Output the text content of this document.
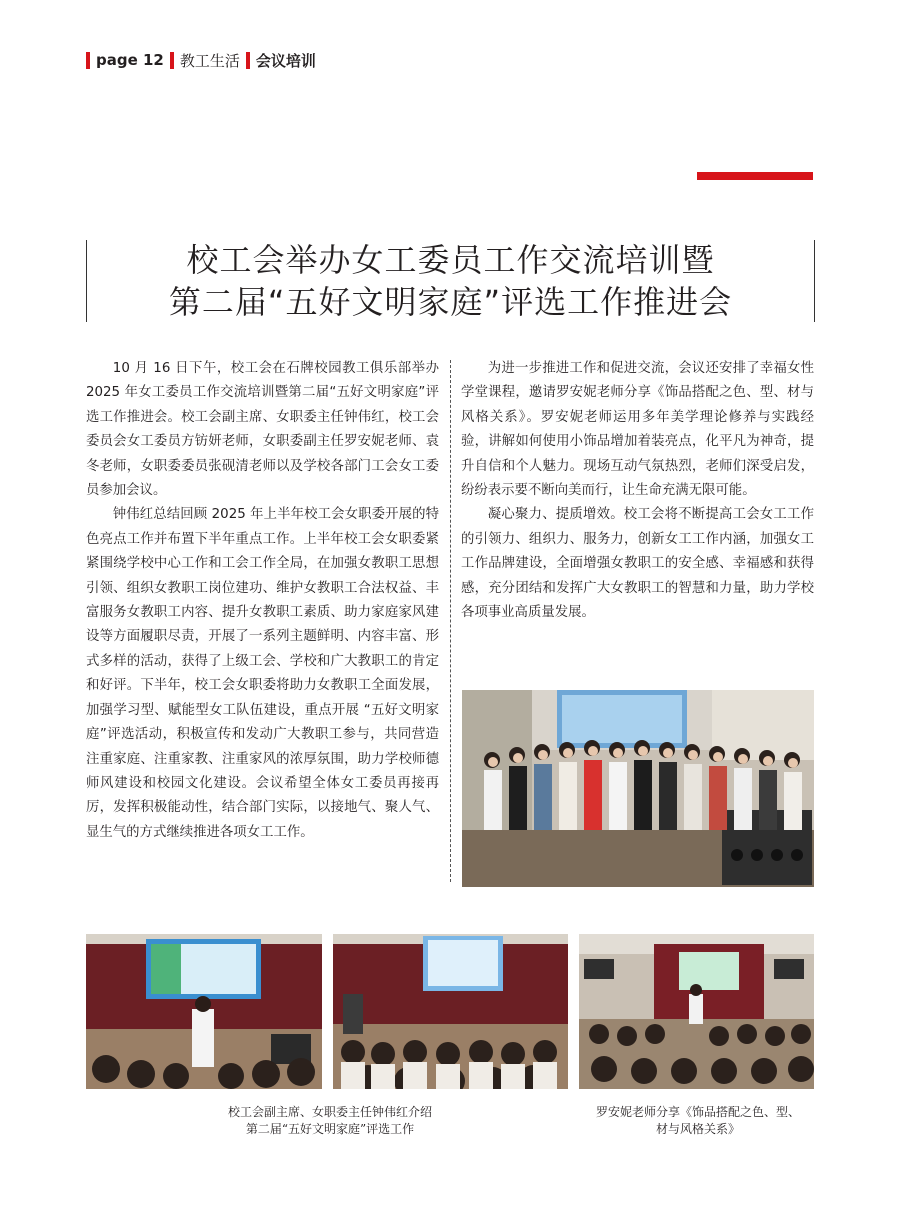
page 12	教工生活	会议培训
校工会举办女工委员工作交流培训暨
第二届“五好文明家庭”评选工作推进会

10 月 16 日下午，校工会在石牌校园教工俱乐部举办 2025 年女工委员工作交流培训暨第二届“五好文明家庭”评选工作推进会。校工会副主席、女职委主任钟伟红，校工会委员会女工委员方钫妍老师，女职委副主任罗安妮老师、袁冬老师，女职委委员张砚清老师以及学校各部门工会女工委员参加会议。

钟伟红总结回顾 2025 年上半年校工会女职委开展的特色亮点工作并布置下半年重点工作。上半年校工会女职委紧紧围绕学校中心工作和工会工作全局，在加强女教职工思想引领、组织女教职工岗位建功、维护女教职工合法权益、丰富服务女教职工内容、提升女教职工素质、助力家庭家风建设等方面履职尽责，开展了一系列主题鲜明、内容丰富、形式多样的活动，获得了上级工会、学校和广大教职工的肯定和好评。下半年，校工会女职委将助力女教职工全面发展，加强学习型、赋能型女工队伍建设，重点开展 “五好文明家庭”评选活动，积极宣传和发动广大教职工参与，共同营造注重家庭、注重家教、注重家风的浓厚氛围，助力学校师德师风建设和校园文化建设。会议希望全体女工委员再接再厉，发挥积极能动性，结合部门实际，以接地气、聚人气、显生气的方式继续推进各项女工工作。

为进一步推进工作和促进交流，会议还安排了幸福女性学堂课程，邀请罗安妮老师分享《饰品搭配之色、型、材与风格关系》。罗安妮老师运用多年美学理论修养与实践经验，讲解如何使用小饰品增加着装亮点，化平凡为神奇，提升自信和个人魅力。现场互动气氛热烈，老师们深受启发，纷纷表示要不断向美而行，让生命充满无限可能。

凝心聚力、提质增效。校工会将不断提高工会女工工作的引领力、组织力、服务力，创新女工工作内涵，加强女工工作品牌建设，全面增强女教职工的安全感、幸福感和获得感，充分团结和发挥广大女教职工的智慧和力量，助力学校各项事业高质量发展。

校工会副主席、女职委主任钟伟红介绍
第二届“五好文明家庭”评选工作
罗安妮老师分享《饰品搭配之色、型、
材与风格关系》
